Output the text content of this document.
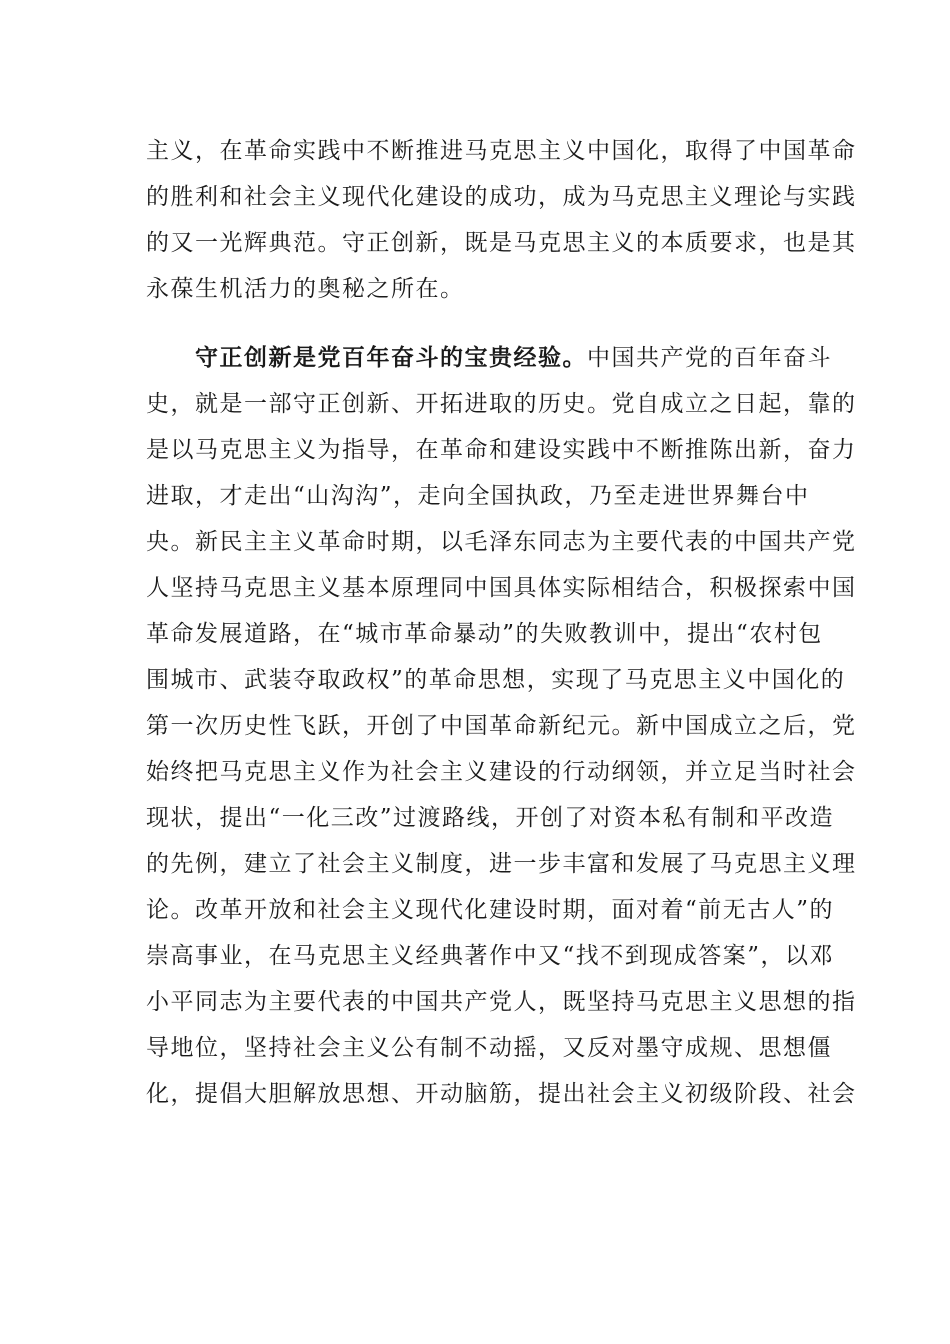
主义，在革命实践中不断推进马克思主义中国化，取得了中国革命
的胜利和社会主义现代化建设的成功，成为马克思主义理论与实践
的又一光辉典范。守正创新，既是马克思主义的本质要求，也是其
永葆生机活力的奥秘之所在。
　　守正创新是党百年奋斗的宝贵经验。中国共产党的百年奋斗
史，就是一部守正创新、开拓进取的历史。党自成立之日起，靠的
是以马克思主义为指导，在革命和建设实践中不断推陈出新，奋力
进取，才走出“山沟沟”，走向全国执政，乃至走进世界舞台中
央。新民主主义革命时期，以毛泽东同志为主要代表的中国共产党
人坚持马克思主义基本原理同中国具体实际相结合，积极探索中国
革命发展道路，在“城市革命暴动”的失败教训中，提出“农村包
围城市、武装夺取政权”的革命思想，实现了马克思主义中国化的
第一次历史性飞跃，开创了中国革命新纪元。新中国成立之后，党
始终把马克思主义作为社会主义建设的行动纲领，并立足当时社会
现状，提出“一化三改”过渡路线，开创了对资本私有制和平改造
的先例，建立了社会主义制度，进一步丰富和发展了马克思主义理
论。改革开放和社会主义现代化建设时期，面对着“前无古人”的
崇高事业，在马克思主义经典著作中又“找不到现成答案”，以邓
小平同志为主要代表的中国共产党人，既坚持马克思主义思想的指
导地位，坚持社会主义公有制不动摇，又反对墨守成规、思想僵
化，提倡大胆解放思想、开动脑筋，提出社会主义初级阶段、社会
